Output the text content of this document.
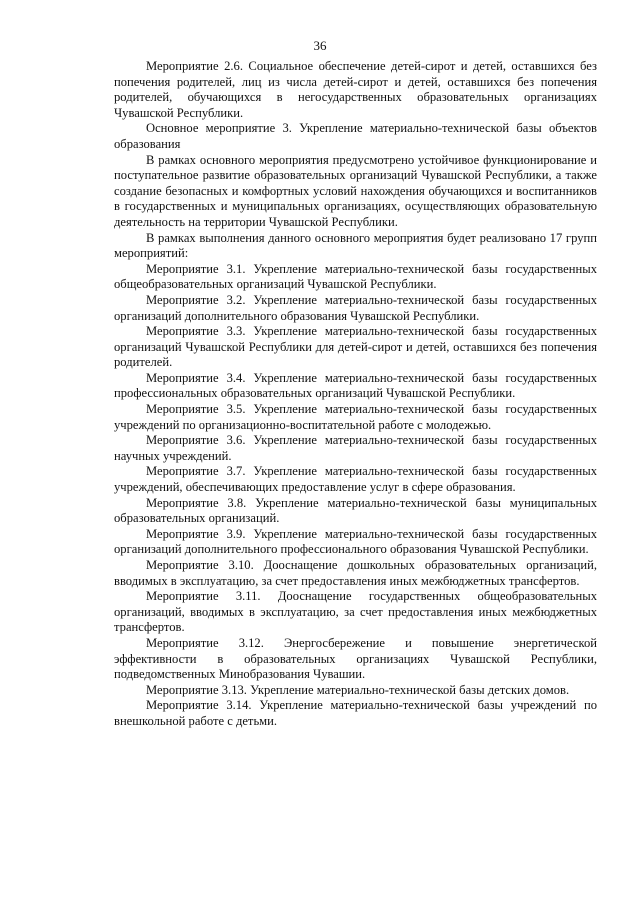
36

Мероприятие 2.6. Социальное обеспечение детей-сирот и детей, оставшихся без попечения родителей, лиц из числа детей-сирот и детей, оставшихся без попечения родителей, обучающихся в негосударственных образовательных организациях Чувашской Республики.

Основное мероприятие 3. Укрепление материально-технической базы объектов образования

В рамках основного мероприятия предусмотрено устойчивое функционирование и поступательное развитие образовательных организаций Чувашской Республики, а также создание безопасных и комфортных условий нахождения обучающихся и воспитанников в государственных и муниципальных организациях, осуществляющих образовательную деятельность на территории Чувашской Республики.

В рамках выполнения данного основного мероприятия будет реализовано 17 групп мероприятий:

Мероприятие 3.1. Укрепление материально-технической базы государственных общеобразовательных организаций Чувашской Республики.

Мероприятие 3.2. Укрепление материально-технической базы государственных организаций дополнительного образования Чувашской Республики.

Мероприятие 3.3. Укрепление материально-технической базы государственных организаций Чувашской Республики для детей-сирот и детей, оставшихся без попечения родителей.

Мероприятие 3.4. Укрепление материально-технической базы государственных профессиональных образовательных организаций Чувашской Республики.

Мероприятие 3.5. Укрепление материально-технической базы государственных учреждений по организационно-воспитательной работе с молодежью.

Мероприятие 3.6. Укрепление материально-технической базы государственных научных учреждений.

Мероприятие 3.7. Укрепление материально-технической базы государственных учреждений, обеспечивающих предоставление услуг в сфере образования.

Мероприятие 3.8. Укрепление материально-технической базы муниципальных образовательных организаций.

Мероприятие 3.9. Укрепление материально-технической базы государственных организаций дополнительного профессионального образования Чувашской Республики.

Мероприятие 3.10. Дооснащение дошкольных образовательных организаций, вводимых в эксплуатацию, за счет предоставления иных межбюджетных трансфертов.

Мероприятие 3.11. Дооснащение государственных общеобразовательных организаций, вводимых в эксплуатацию, за счет предоставления иных межбюджетных трансфертов.

Мероприятие 3.12. Энергосбережение и повышение энергетической эффективности в образовательных организациях Чувашской Республики, подведомственных Минобразования Чувашии.

Мероприятие 3.13. Укрепление материально-технической базы детских домов.

Мероприятие 3.14. Укрепление материально-технической базы учреждений по внешкольной работе с детьми.
